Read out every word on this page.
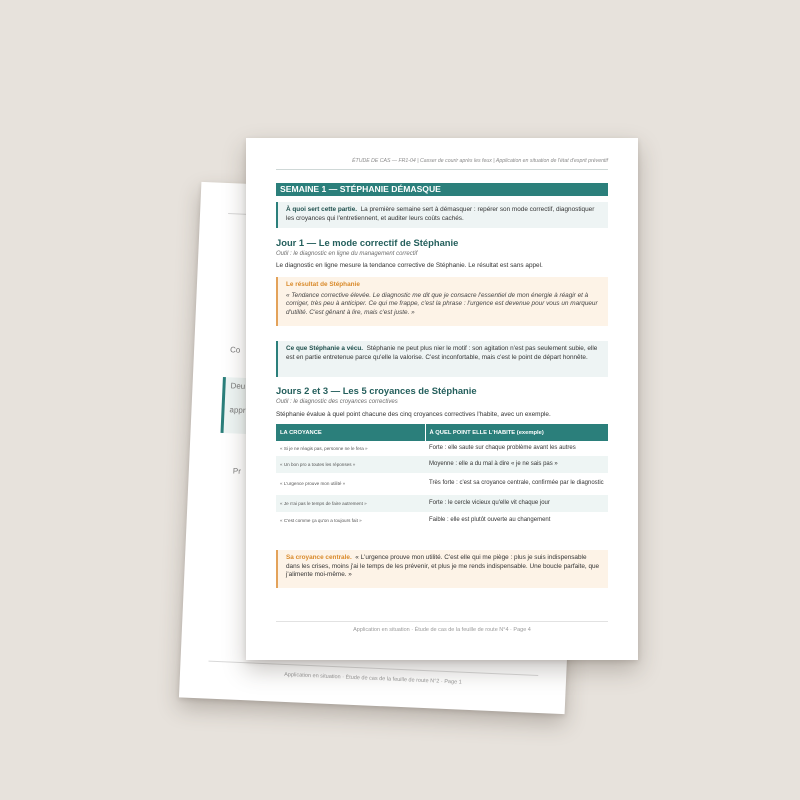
Co
Deu
appr
Pr
Application en situation · Étude de cas de la feuille de route N°2 · Page 1
ÉTUDE DE CAS — FR1-04 | Casser de courir après les feux | Application en situation de l'état d'esprit préventif
SEMAINE 1 — STÉPHANIE DÉMASQUE
À quoi sert cette partie. La première semaine sert à démasquer : repérer son mode correctif, diagnostiquer les croyances qui l'entretiennent, et auditer leurs coûts cachés.
Jour 1 — Le mode correctif de Stéphanie
Outil : le diagnostic en ligne du management correctif
Le diagnostic en ligne mesure la tendance corrective de Stéphanie. Le résultat est sans appel.
Le résultat de Stéphanie
« Tendance corrective élevée. Le diagnostic me dit que je consacre l'essentiel de mon énergie à réagir et à corriger, très peu à anticiper. Ce qui me frappe, c'est la phrase : l'urgence est devenue pour vous un marqueur d'utilité. C'est gênant à lire, mais c'est juste. »
Ce que Stéphanie a vécu. Stéphanie ne peut plus nier le motif : son agitation n'est pas seulement subie, elle est en partie entretenue parce qu'elle la valorise. C'est inconfortable, mais c'est le point de départ honnête.
Jours 2 et 3 — Les 5 croyances de Stéphanie
Outil : le diagnostic des croyances correctives
Stéphanie évalue à quel point chacune des cinq croyances correctives l'habite, avec un exemple.
LA CROYANCE	À QUEL POINT ELLE L'HABITE (exemple)
« Si je ne réagis pas, personne ne le fera »	Forte : elle saute sur chaque problème avant les autres
« Un bon pro a toutes les réponses »	Moyenne : elle a du mal à dire « je ne sais pas »
« L'urgence prouve mon utilité »	Très forte : c'est sa croyance centrale, confirmée par le diagnostic
« Je n'ai pas le temps de faire autrement »	Forte : le cercle vicieux qu'elle vit chaque jour
« C'est comme ça qu'on a toujours fait »	Faible : elle est plutôt ouverte au changement
Sa croyance centrale. « L'urgence prouve mon utilité. C'est elle qui me piège : plus je suis indispensable dans les crises, moins j'ai le temps de les prévenir, et plus je me rends indispensable. Une boucle parfaite, que j'alimente moi-même. »
Application en situation · Étude de cas de la feuille de route N°4 · Page 4
